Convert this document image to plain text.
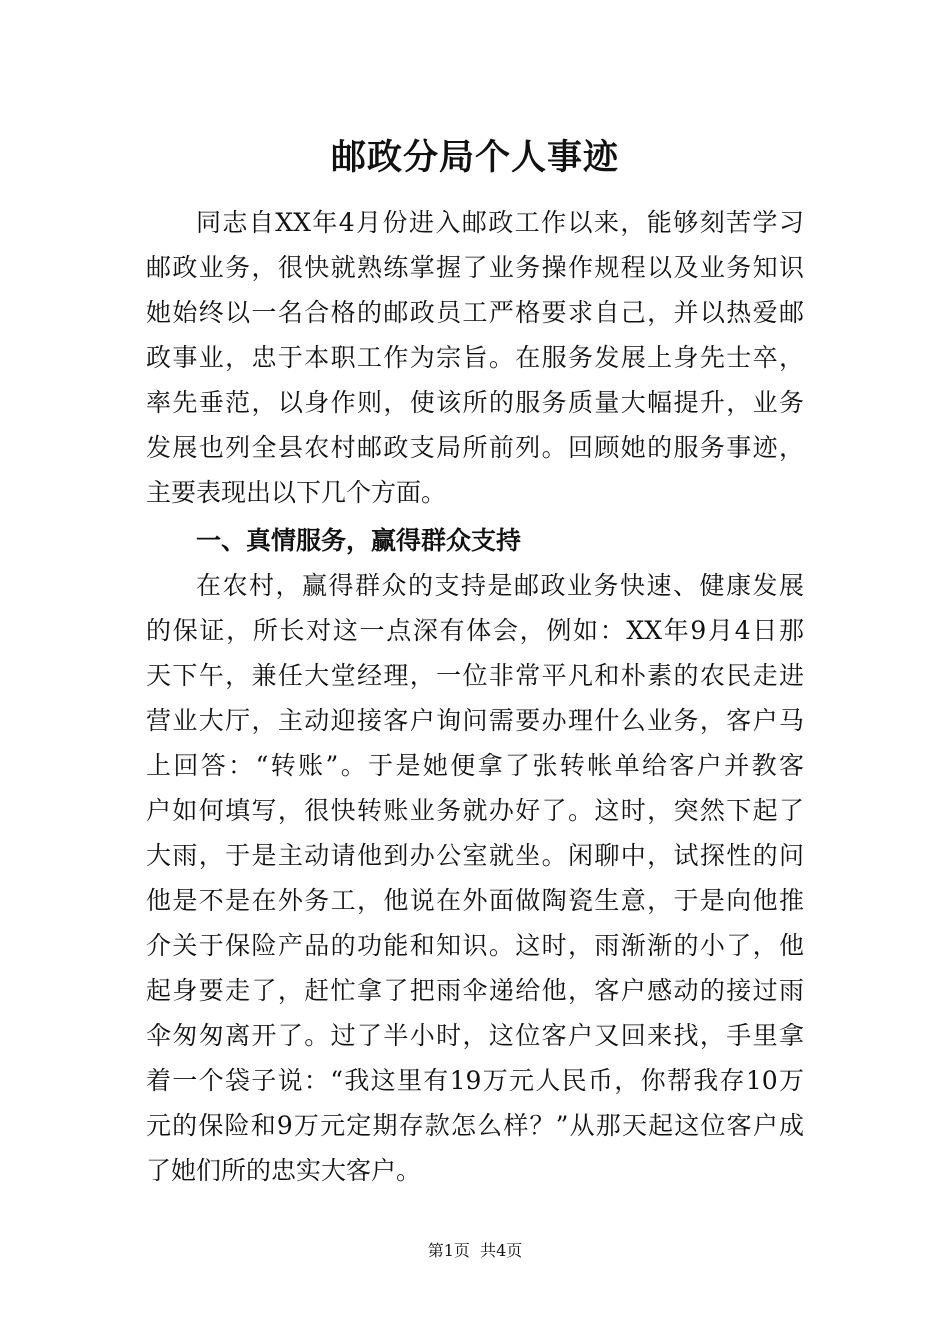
邮政分局个人事迹
同志自XX年4月份进入邮政工作以来，能够刻苦学习
邮政业务，很快就熟练掌握了业务操作规程以及业务知识
她始终以一名合格的邮政员工严格要求自己，并以热爱邮
政事业，忠于本职工作为宗旨。在服务发展上身先士卒，
率先垂范，以身作则，使该所的服务质量大幅提升，业务
发展也列全县农村邮政支局所前列。回顾她的服务事迹，
主要表现出以下几个方面。
一、真情服务，赢得群众支持
在农村，赢得群众的支持是邮政业务快速、健康发展
的保证，所长对这一点深有体会，例如：XX年9月4日那
天下午，兼任大堂经理，一位非常平凡和朴素的农民走进
营业大厅，主动迎接客户询问需要办理什么业务，客户马
上回答：“转账”。于是她便拿了张转帐单给客户并教客
户如何填写，很快转账业务就办好了。这时，突然下起了
大雨，于是主动请他到办公室就坐。闲聊中，试探性的问
他是不是在外务工，他说在外面做陶瓷生意，于是向他推
介关于保险产品的功能和知识。这时，雨渐渐的小了，他
起身要走了，赶忙拿了把雨伞递给他，客户感动的接过雨
伞匆匆离开了。过了半小时，这位客户又回来找，手里拿
着一个袋子说：“我这里有19万元人民币，你帮我存10万
元的保险和9万元定期存款怎么样？”从那天起这位客户成
了她们所的忠实大客户。
第1页  共4页
